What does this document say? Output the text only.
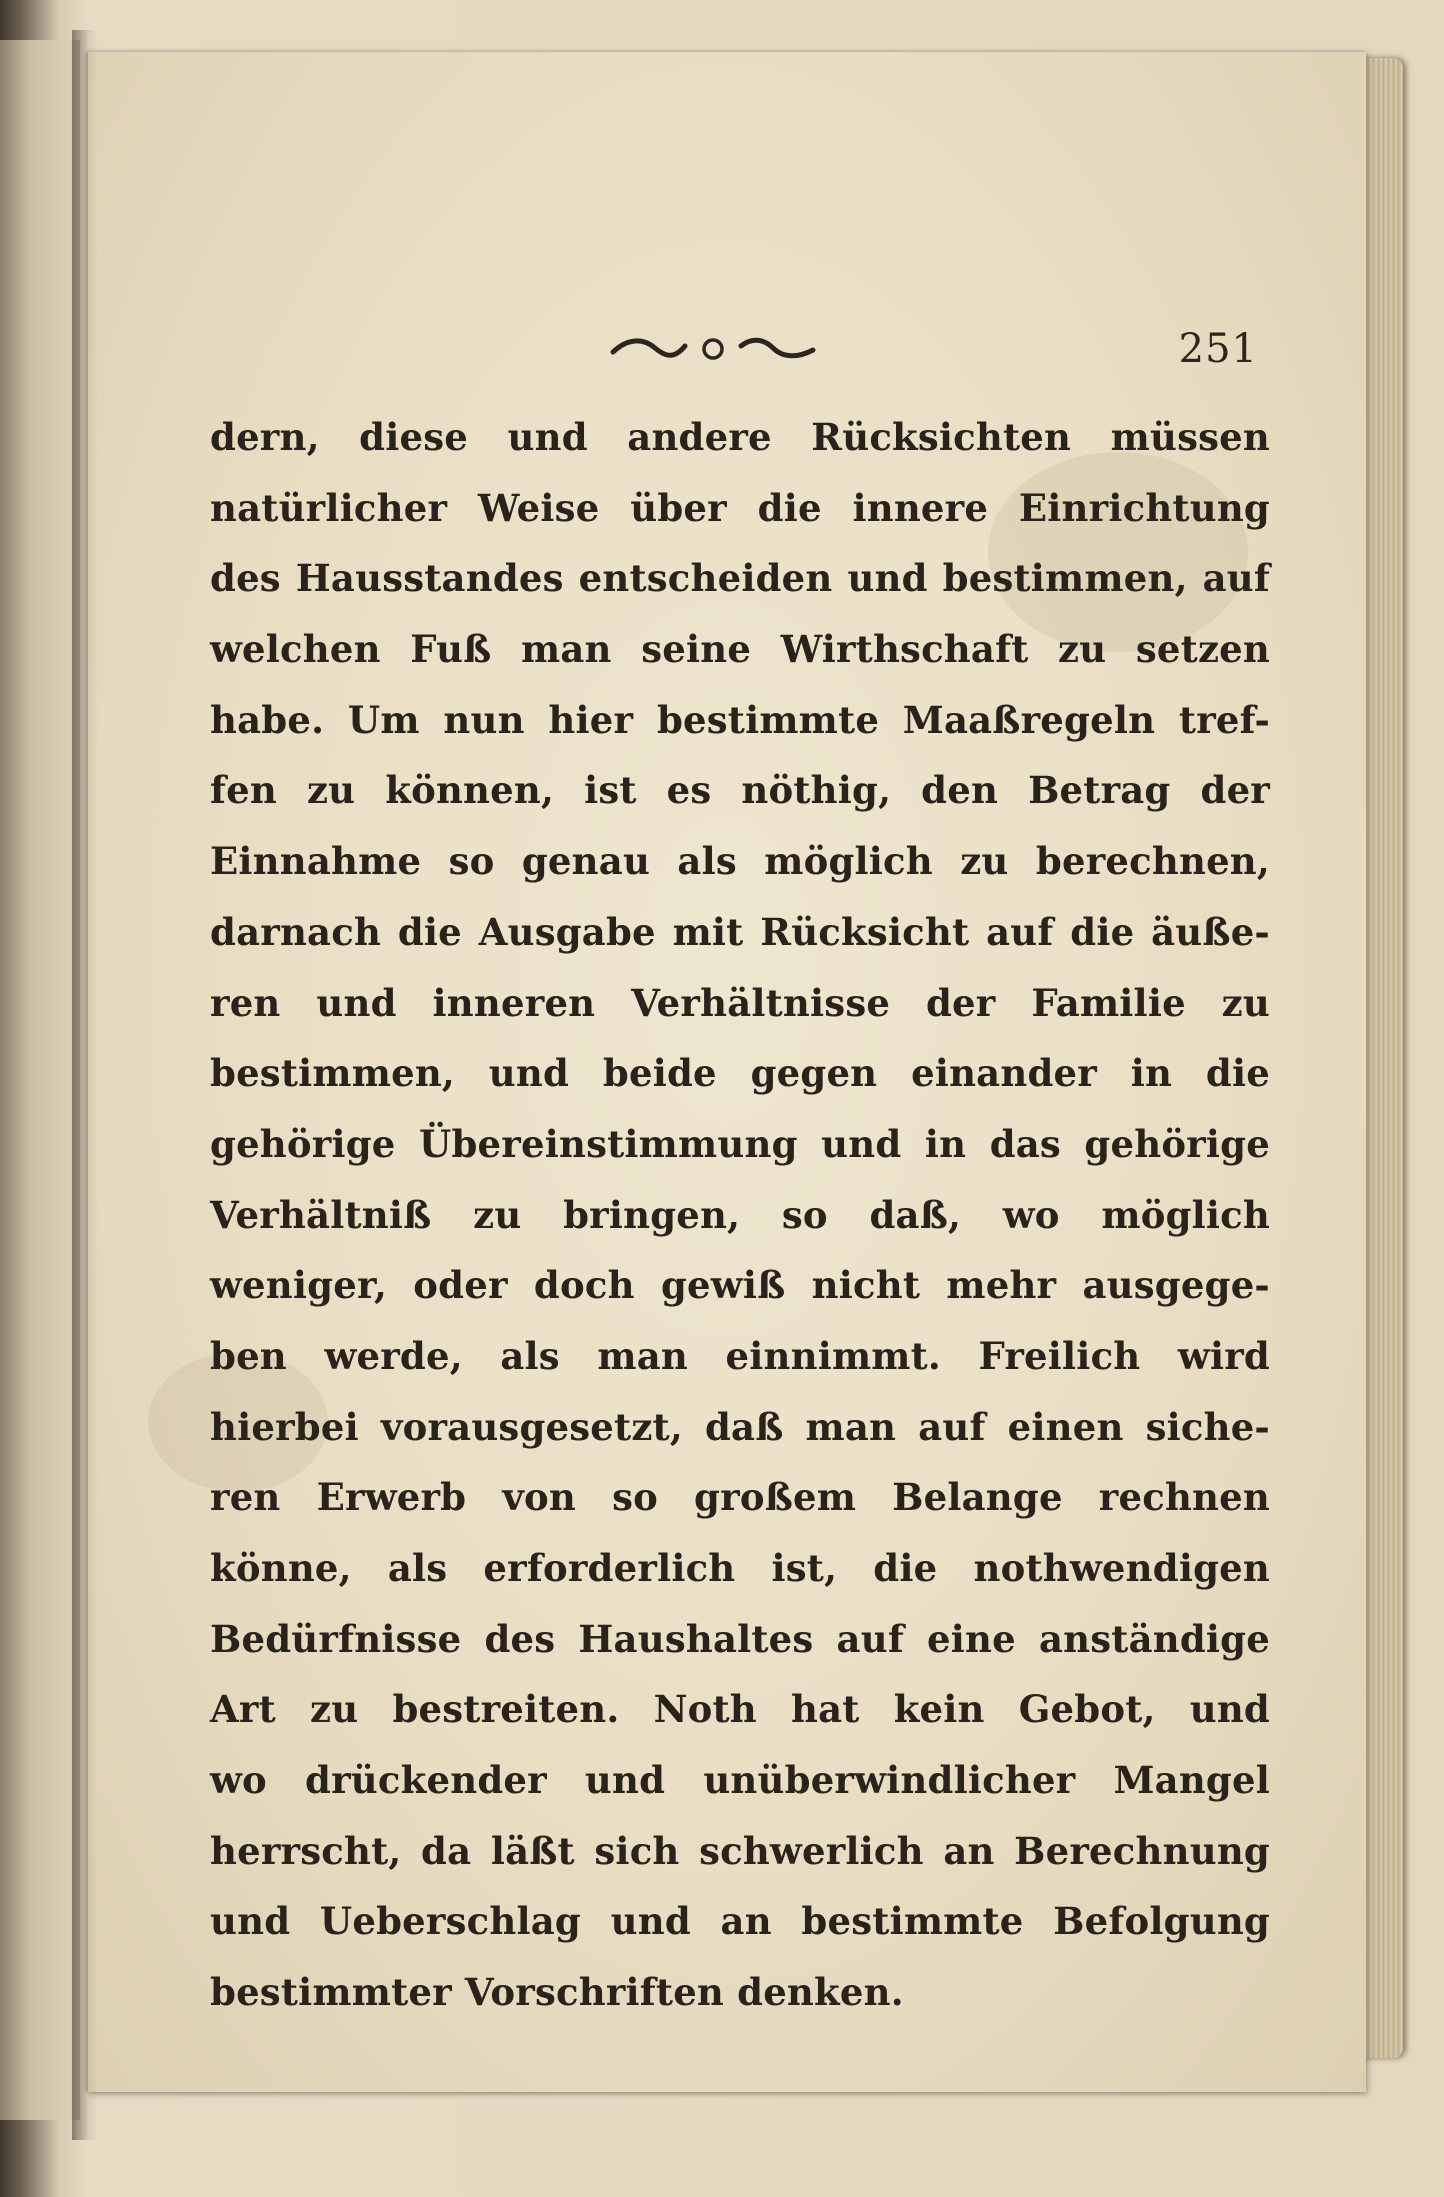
251
dern, diese und andere Rücksichten müssen
natürlicher Weise über die innere Einrichtung
des Hausstandes entscheiden und bestimmen, auf
welchen Fuß man seine Wirthschaft zu setzen
habe. Um nun hier bestimmte Maaßregeln tref-
fen zu können, ist es nöthig, den Betrag der
Einnahme so genau als möglich zu berechnen,
darnach die Ausgabe mit Rücksicht auf die äuße-
ren und inneren Verhältnisse der Familie zu
bestimmen, und beide gegen einander in die
gehörige Übereinstimmung und in das gehörige
Verhältniß zu bringen, so daß, wo möglich
weniger, oder doch gewiß nicht mehr ausgege-
ben werde, als man einnimmt. Freilich wird
hierbei vorausgesetzt, daß man auf einen siche-
ren Erwerb von so großem Belange rechnen
könne, als erforderlich ist, die nothwendigen
Bedürfnisse des Haushaltes auf eine anständige
Art zu bestreiten. Noth hat kein Gebot, und
wo drückender und unüberwindlicher Mangel
herrscht, da läßt sich schwerlich an Berechnung
und Ueberschlag und an bestimmte Befolgung
bestimmter Vorschriften denken.
